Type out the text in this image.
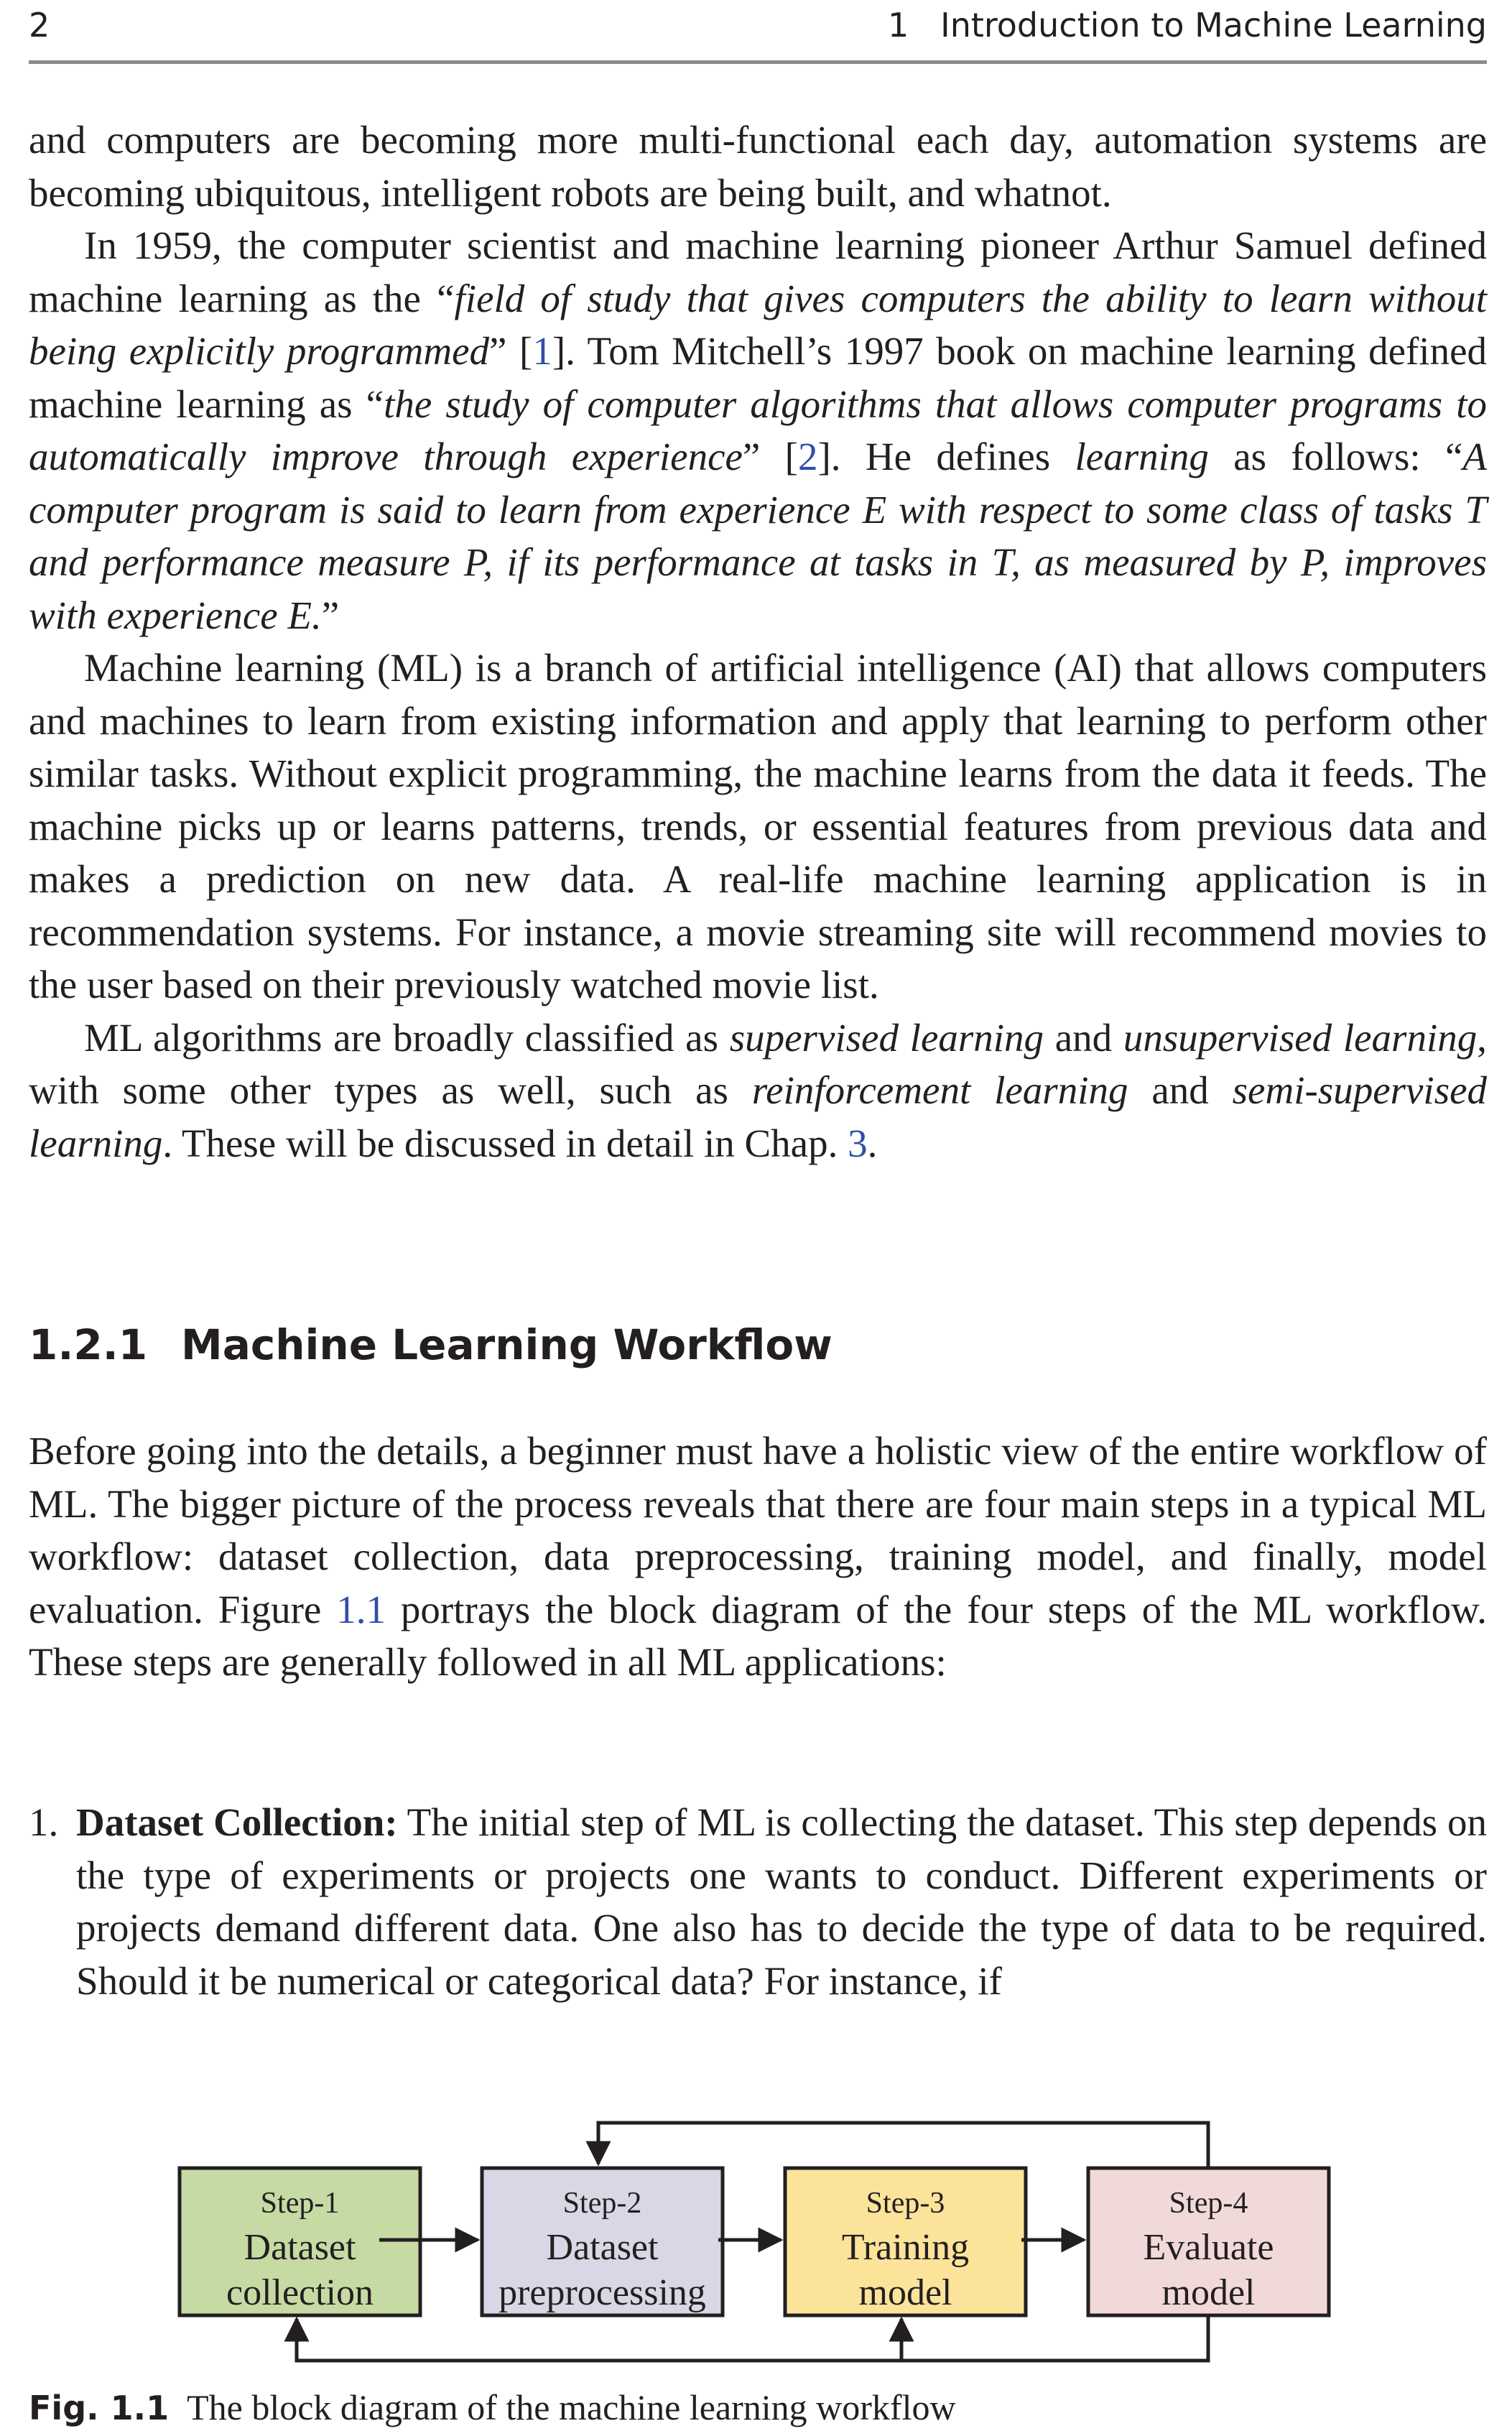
2	1   Introduction to Machine Learning

and computers are becoming more multi-functional each day, automation systems are becoming ubiquitous, intelligent robots are being built, and whatnot.

In 1959, the computer scientist and machine learning pioneer Arthur Samuel defined machine learning as the “field of study that gives computers the ability to learn without being explicitly programmed” [1]. Tom Mitchell’s 1997 book on machine learning defined machine learning as “the study of computer algorithms that allows computer programs to automatically improve through experience” [2]. He defines learning as follows: “A computer program is said to learn from experience E with respect to some class of tasks T and performance measure P, if its performance at tasks in T, as measured by P, improves with experience E.”

Machine learning (ML) is a branch of artificial intelligence (AI) that allows computers and machines to learn from existing information and apply that learning to perform other similar tasks. Without explicit programming, the machine learns from the data it feeds. The machine picks up or learns patterns, trends, or essential features from previous data and makes a prediction on new data. A real-life machine learning application is in recommendation systems. For instance, a movie streaming site will recommend movies to the user based on their previously watched movie list.

ML algorithms are broadly classified as supervised learning and unsupervised learning, with some other types as well, such as reinforcement learning and semi-supervised learning. These will be discussed in detail in Chap. 3.

1.2.1 Machine Learning Workflow

Before going into the details, a beginner must have a holistic view of the entire workflow of ML. The bigger picture of the process reveals that there are four main steps in a typical ML workflow: dataset collection, data preprocessing, training model, and finally, model evaluation. Figure 1.1 portrays the block diagram of the four steps of the ML workflow. These steps are generally followed in all ML applications:

1. Dataset Collection: The initial step of ML is collecting the dataset. This step depends on the type of experiments or projects one wants to conduct. Different experiments or projects demand different data. One also has to decide the type of data to be required. Should it be numerical or categorical data? For instance, if
Step-1
Dataset
collection
Step-2
Dataset
preprocessing
Step-3
Training
model
Step-4
Evaluate
model
Fig. 1.1 The block diagram of the machine learning workflow
